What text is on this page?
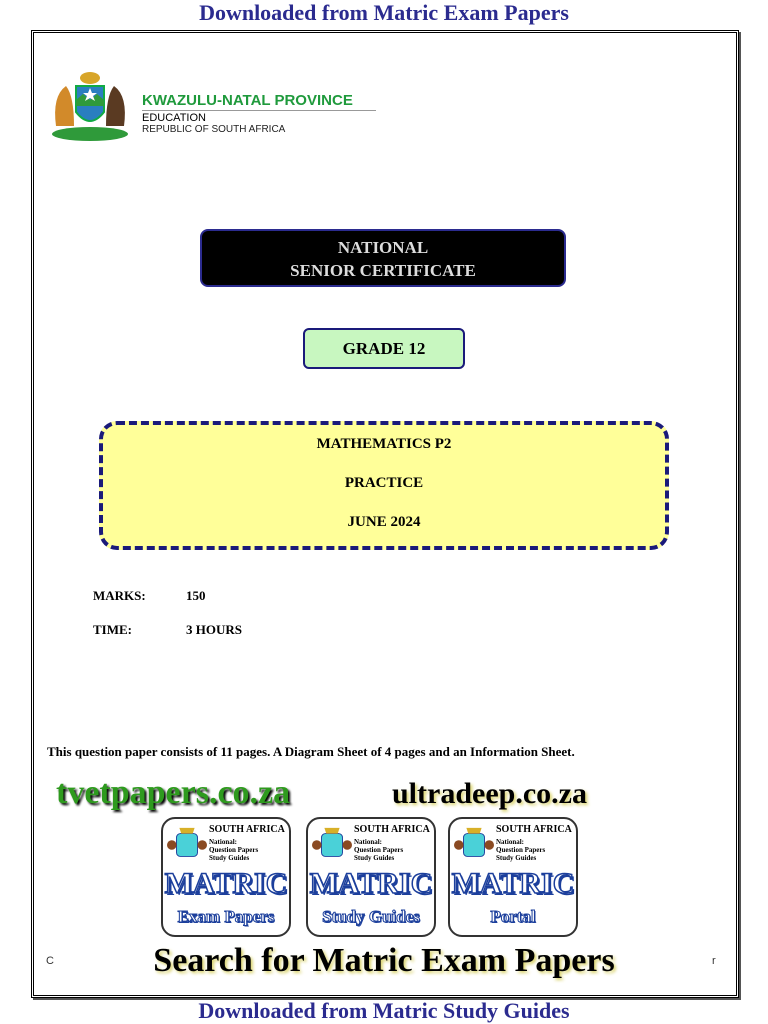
Downloaded from Matric Exam Papers
KWAZULU-NATAL PROVINCE
EDUCATION
REPUBLIC OF SOUTH AFRICA
NATIONAL
SENIOR CERTIFICATE
GRADE 12
MATHEMATICS P2
PRACTICE
JUNE 2024
MARKS:	150
TIME:	3 HOURS
This question paper consists of 11 pages. A Diagram Sheet of 4 pages and an Information Sheet.
tvetpapers.co.za	ultradeep.co.za
SOUTH AFRICA
National:
Question Papers
Study Guides
MATRIC
Exam Papers
SOUTH AFRICA
National:
Question Papers
Study Guides
MATRIC
Study Guides
SOUTH AFRICA
National:
Question Papers
Study Guides
MATRIC
Portal
C	Search for Matric Exam Papers	r
Downloaded from Matric Study Guides
